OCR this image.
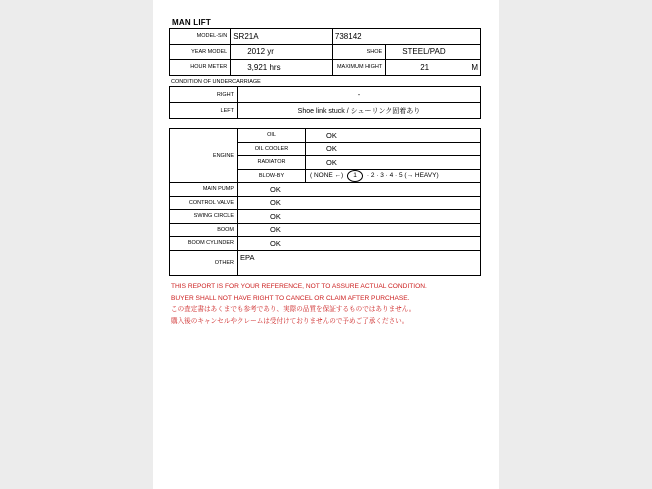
MAN LIFT
MODEL-S/N	SR21A	738142	
YEAR MODEL	2012 yr	SHOE	STEEL/PAD
HOUR METER	3,921 hrs	MAXIMUM HIGHT	21 M
CONDITION OF UNDERCARRIAGE
RIGHT	-
LEFT	Shoe link stuck / シューリンク固着あり
ENGINE	OIL	OK
	OIL COOLER	OK
	RADIATOR	OK
	BLOW-BY	( NONE ←) 1 · 2 · 3 · 4 · 5 (→ HEAVY)
MAIN PUMP	OK	
CONTROL VALVE	OK	
SWING CIRCLE	OK	
BOOM	OK	
BOOM CYLINDER	OK	
OTHER	EPA	
THIS REPORT IS FOR YOUR REFERENCE, NOT TO ASSURE ACTUAL CONDITION.
BUYER SHALL NOT HAVE RIGHT TO CANCEL OR CLAIM AFTER PURCHASE.
この査定書はあくまでも参考であり、実際の品質を保証するものではありません。
購入後のキャンセルやクレームは受付けておりませんので予めご了承ください。
